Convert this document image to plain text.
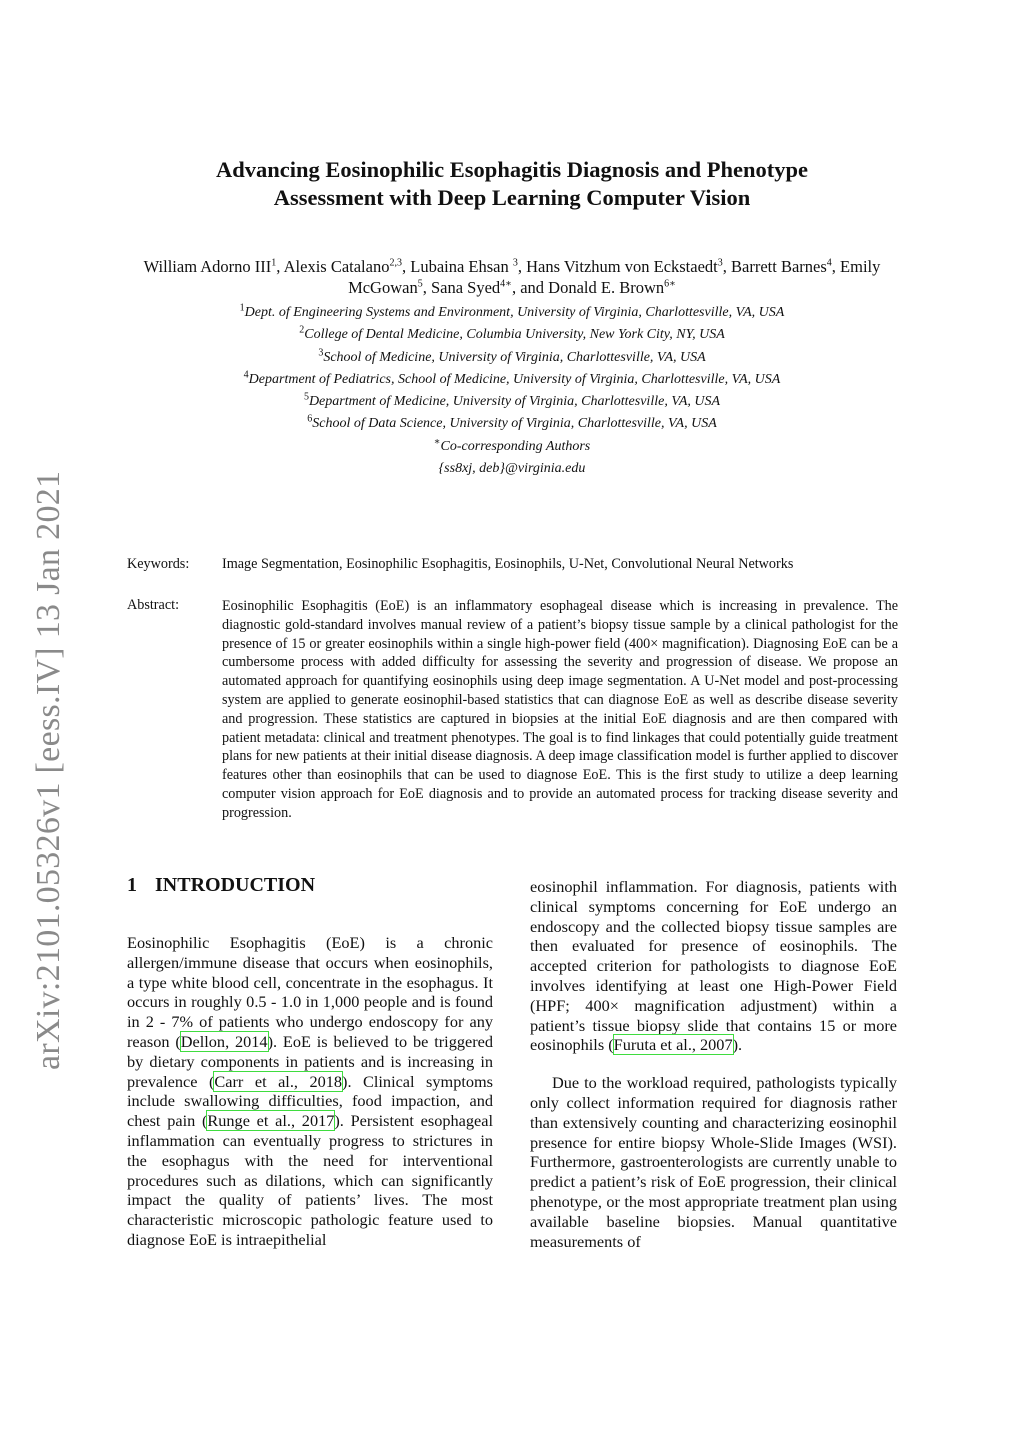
arXiv:2101.05326v1 [eess.IV] 13 Jan 2021
Advancing Eosinophilic Esophagitis Diagnosis and Phenotype
Assessment with Deep Learning Computer Vision
William Adorno III$^1$, Alexis Catalano$^{2,3}$, Lubaina Ehsan $^3$, Hans Vitzhum von Eckstaedt$^3$, Barrett Barnes$^4$, Emily McGowan$^5$, Sana Syed$^{4∗}$, and Donald E. Brown$^{6∗}$
$^1$Dept. of Engineering Systems and Environment, University of Virginia, Charlottesville, VA, USA
$^2$College of Dental Medicine, Columbia University, New York City, NY, USA
$^3$School of Medicine, University of Virginia, Charlottesville, VA, USA
$^4$Department of Pediatrics, School of Medicine, University of Virginia, Charlottesville, VA, USA
$^5$Department of Medicine, University of Virginia, Charlottesville, VA, USA
$^6$School of Data Science, University of Virginia, Charlottesville, VA, USA
∗Co-corresponding Authors
{ss8xj, deb}@virginia.edu
Keywords: Image Segmentation, Eosinophilic Esophagitis, Eosinophils, U-Net, Convolutional Neural Networks
Abstract:	Eosinophilic Esophagitis (EoE) is an inflammatory esophageal disease which is increasing in prevalence. The diagnostic gold-standard involves manual review of a patient’s biopsy tissue sample by a clinical pathologist for the presence of 15 or greater eosinophils within a single high-power field (400× magnification). Diagnosing EoE can be a cumbersome process with added difficulty for assessing the severity and progression of disease. We propose an automated approach for quantifying eosinophils using deep image segmentation. A U-Net model and post-processing system are applied to generate eosinophil-based statistics that can diagnose EoE as well as describe disease severity and progression. These statistics are captured in biopsies at the initial EoE diagnosis and are then compared with patient metadata: clinical and treatment phenotypes. The goal is to find linkages that could potentially guide treatment plans for new patients at their initial disease diagnosis. A deep image classification model is further applied to discover features other than eosinophils that can be used to diagnose EoE. This is the first study to utilize a deep learning computer vision approach for EoE diagnosis and to provide an automated process for tracking disease severity and progression.
1 INTRODUCTION

Eosinophilic Esophagitis (EoE) is a chronic allergen/immune disease that occurs when eosinophils, a type white blood cell, concentrate in the esophagus. It occurs in roughly 0.5 - 1.0 in 1,000 people and is found in 2 - 7% of patients who undergo endoscopy for any reason (Dellon, 2014). EoE is believed to be triggered by dietary components in patients and is increasing in prevalence (Carr et al., 2018). Clinical symptoms include swallowing difficulties, food impaction, and chest pain (Runge et al., 2017). Persistent esophageal inflammation can eventually progress to strictures in the esophagus with the need for interventional procedures such as dilations, which can significantly impact the quality of patients’ lives. The most characteristic microscopic pathologic feature used to diagnose EoE is intraepithelial

eosinophil inflammation. For diagnosis, patients with clinical symptoms concerning for EoE undergo an endoscopy and the collected biopsy tissue samples are then evaluated for presence of eosinophils. The accepted criterion for pathologists to diagnose EoE involves identifying at least one High-Power Field (HPF; 400× magnification adjustment) within a patient’s tissue biopsy slide that contains 15 or more eosinophils (Furuta et al., 2007).

Due to the workload required, pathologists typically only collect information required for diagnosis rather than extensively counting and characterizing eosinophil presence for entire biopsy Whole-Slide Images (WSI). Furthermore, gastroenterologists are currently unable to predict a patient’s risk of EoE progression, their clinical phenotype, or the most appropriate treatment plan using available baseline biopsies. Manual quantitative measurements of
